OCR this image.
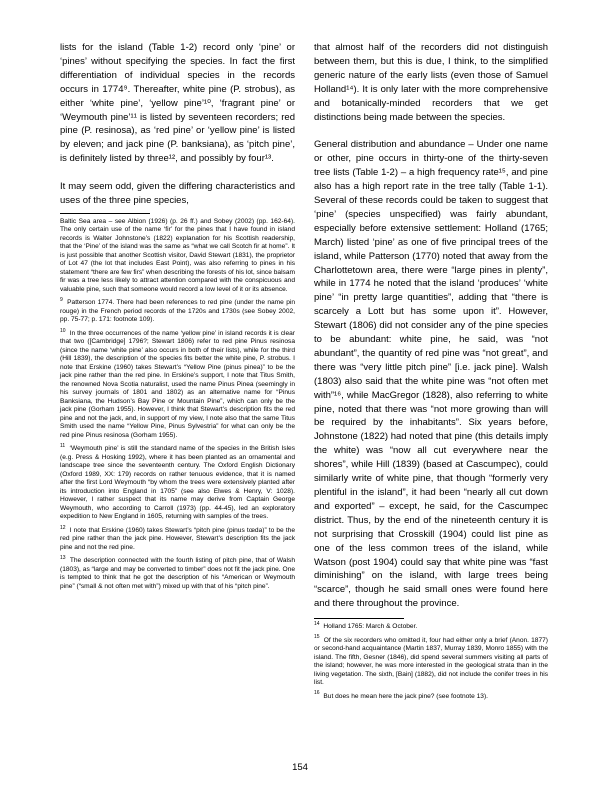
lists for the island (Table 1-2) record only ‘pine’ or ‘pines’ without specifying the species. In fact the first differentiation of individual species in the records occurs in 1774⁹. Thereafter, white pine (P. strobus), as either ‘white pine’, ‘yellow pine’¹⁰, ‘fragrant pine’ or ‘Weymouth pine’¹¹ is listed by seventeen recorders; red pine (P. resinosa), as ‘red pine’ or ‘yellow pine’ is listed by eleven; and jack pine (P. banksiana), as ‘pitch pine’, is definitely listed by three¹², and possibly by four¹³.

It may seem odd, given the differing characteristics and uses of the three pine species,

Baltic Sea area – see Albion (1926) (p. 26 ff.) and Sobey (2002) (pp. 162-64). The only certain use of the name ‘fir’ for the pines that I have found in island records is Walter Johnstone’s (1822) explanation for his Scottish readership, that the ‘Pine’ of the island was the same as “what we call Scotch fir at home”. It is just possible that another Scottish visitor, David Stewart (1831), the proprietor of Lot 47 (the lot that includes East Point), was also referring to pines in his statement “there are few firs” when describing the forests of his lot, since balsam fir was a tree less likely to attract attention compared with the conspicuous and valuable pine, such that someone would record a low level of it or its absence.
$^9$ Patterson 1774. There had been references to red pine (under the name pin rouge) in the French period records of the 1720s and 1730s (see Sobey 2002, pp. 75-77; p. 171: footnote 109).
$^{10}$ In the three occurrences of the name ‘yellow pine’ in island records it is clear that two ([Cambridge] 1796?; Stewart 1806) refer to red pine Pinus resinosa (since the name ‘white pine’ also occurs in both of their lists), while for the third (Hill 1839), the description of the species fits better the white pine, P. strobus. I note that Erskine (1960) takes Stewart’s “Yellow Pine (pinus pinea)” to be the jack pine rather than the red pine. In Erskine’s support, I note that Titus Smith, the renowned Nova Scotia naturalist, used the name Pinus Pinea (seemingly in his survey journals of 1801 and 1802) as an alternative name for “Pinus Banksiana, the Hudson’s Bay Pine or Mountain Pine”, which can only be the jack pine (Gorham 1955). However, I think that Stewart’s description fits the red pine and not the jack, and, in support of my view, I note also that the same Titus Smith used the name “Yellow Pine, Pinus Sylvestria” for what can only be the red pine Pinus resinosa (Gorham 1955).
$^{11}$ ‘Weymouth pine’ is still the standard name of the species in the British Isles (e.g. Press & Hosking 1992), where it has been planted as an ornamental and landscape tree since the seventeenth century. The Oxford English Dictionary (Oxford 1989, XX: 179) records on rather tenuous evidence, that it is named after the first Lord Weymouth “by whom the trees were extensively planted after its introduction into England in 1705” (see also Elwes & Henry, V: 1028). However, I rather suspect that its name may derive from Captain George Weymouth, who according to Carroll (1973) (pp. 44-45), led an exploratory expedition to New England in 1605, returning with samples of the trees.
$^{12}$ I note that Erskine (1960) takes Stewart’s “pitch pine (pinus tœda)” to be the red pine rather than the jack pine. However, Stewart’s description fits the jack pine and not the red pine.
$^{13}$ The description connected with the fourth listing of pitch pine, that of Walsh (1803), as “large and may be converted to timber” does not fit the jack pine. One is tempted to think that he got the description of his “American or Weymouth pine” (“small & not often met with”) mixed up with that of his “pitch pine”.

that almost half of the recorders did not distinguish between them, but this is due, I think, to the simplified generic nature of the early lists (even those of Samuel Holland¹⁴). It is only later with the more comprehensive and botanically-minded recorders that we get distinctions being made between the species.

General distribution and abundance – Under one name or other, pine occurs in thirty-one of the thirty-seven tree lists (Table 1-2) – a high frequency rate¹⁵, and pine also has a high report rate in the tree tally (Table 1-1). Several of these records could be taken to suggest that ‘pine’ (species unspecified) was fairly abundant, especially before extensive settlement: Holland (1765; March) listed ‘pine’ as one of five principal trees of the island, while Patterson (1770) noted that away from the Charlottetown area, there were “large pines in plenty”, while in 1774 he noted that the island ‘produces’ ‘white pine’ “in pretty large quantities”, adding that “there is scarcely a Lott but has some upon it”. However, Stewart (1806) did not consider any of the pine species to be abundant: white pine, he said, was “not abundant”, the quantity of red pine was “not great”, and there was “very little pitch pine” [i.e. jack pine]. Walsh (1803) also said that the white pine was “not often met with”¹⁶, while MacGregor (1828), also referring to white pine, noted that there was “not more growing than will be required by the inhabitants”. Six years before, Johnstone (1822) had noted that pine (this details imply the white) was “now all cut everywhere near the shores”, while Hill (1839) (based at Cascumpec), could similarly write of white pine, that though “formerly very plentiful in the island”, it had been “nearly all cut down and exported” – except, he said, for the Cascumpec district. Thus, by the end of the nineteenth century it is not surprising that Crosskill (1904) could list pine as one of the less common trees of the island, while Watson (post 1904) could say that white pine was “fast diminishing” on the island, with large trees being “scarce”, though he said small ones were found here and there throughout the province.

$^{14}$ Holland 1765: March & October.
$^{15}$ Of the six recorders who omitted it, four had either only a brief (Anon. 1877) or second-hand acquaintance (Martin 1837, Murray 1839, Monro 1855) with the island. The fifth, Gesner (1846), did spend several summers visiting all parts of the island; however, he was more interested in the geological strata than in the living vegetation. The sixth, [Bain] (1882), did not include the conifer trees in his list.
$^{16}$ But does he mean here the jack pine? (see footnote 13).
154
